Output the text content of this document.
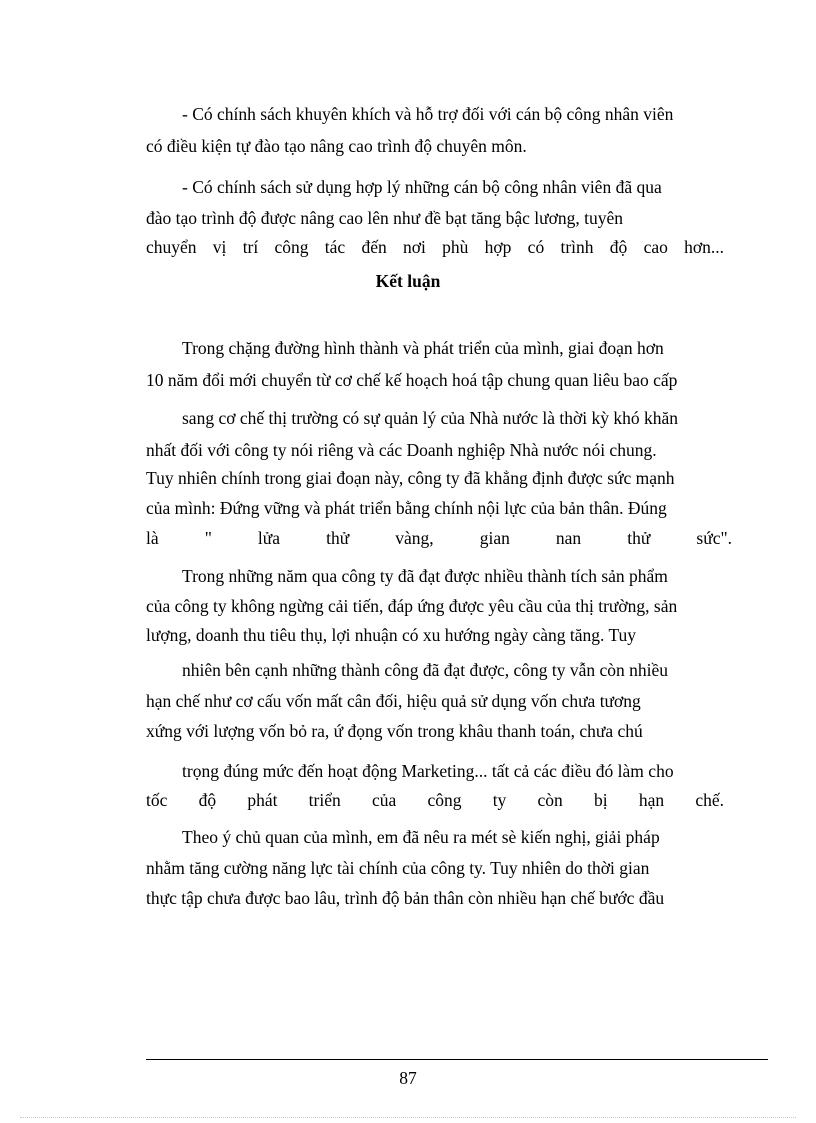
- Có chính sách khuyên khích và hỗ trợ đối với cán bộ công nhân viên
có điều kiện tự đào tạo nâng cao trình độ chuyên môn.
- Có chính sách sử dụng hợp lý những cán bộ công nhân viên đã qua
đào tạo trình độ được nâng cao lên như đề bạt tăng bậc lương, tuyên
chuyển vị trí công tác đến nơi phù hợp có trình độ cao hơn...
Kết luận
Trong chặng đường hình thành và phát triển của mình, giai đoạn hơn
10 năm đổi mới chuyển từ cơ chế kế hoạch hoá tập chung quan liêu bao cấp
sang cơ chế thị trường có sự quản lý của Nhà nước là thời kỳ khó khăn
nhất đối với công ty nói riêng và các Doanh nghiệp Nhà nước nói chung.
Tuy nhiên chính trong giai đoạn này, công ty đã khẳng định được sức mạnh
của mình: Đứng vững và phát triển bằng chính nội lực của bản thân. Đúng
là " lửa thử vàng, gian nan thử sức".
Trong những năm qua công ty đã đạt được nhiều thành tích sản phẩm
của công ty không ngừng cải tiến, đáp ứng được yêu cầu của thị trường, sản
lượng, doanh thu tiêu thụ, lợi nhuận có xu hướng ngày càng tăng. Tuy
nhiên bên cạnh những thành công đã đạt được, công ty vẫn còn nhiều
hạn chế như cơ cấu vốn mất cân đối, hiệu quả sử dụng vốn chưa tương
xứng với lượng vốn bỏ ra, ứ đọng vốn trong khâu thanh toán, chưa chú
trọng đúng mức đến hoạt động Marketing... tất cả các điều đó làm cho
tốc độ phát triển của công ty còn bị hạn chế.
Theo ý chủ quan của mình, em đã nêu ra mét sè kiến nghị, giải pháp
nhằm tăng cường năng lực tài chính của công ty. Tuy nhiên do thời gian
thực tập chưa được bao lâu, trình độ bản thân còn nhiều hạn chế bước đầu
87
